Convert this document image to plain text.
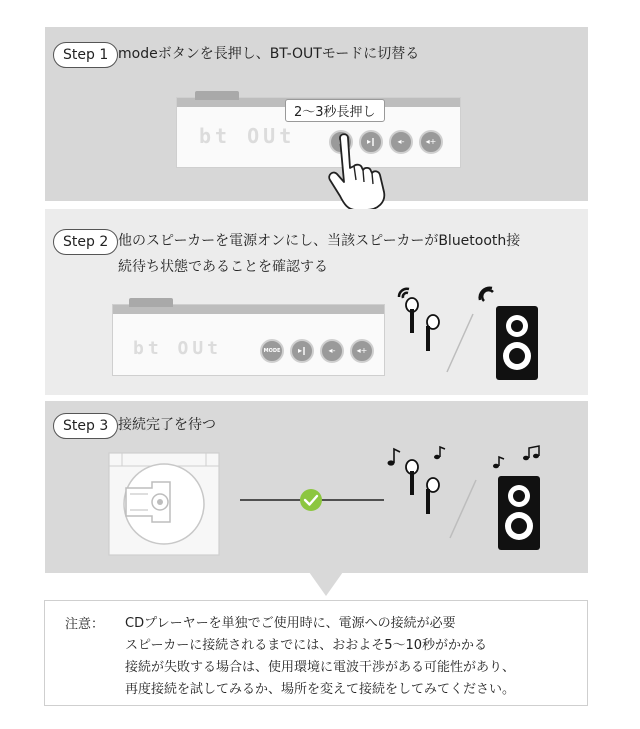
Step 1 modeボタンを長押し、BT-OUTモードに切替る
bt OUt	▸‖	◂-	◂+
2～3秒長押し
Step 2 他のスピーカーを電源オンにし、当該スピーカーがBluetooth接
続待ち状態であることを確認する
bt OUt	MODE	▸‖	◂-	◂+
Step 3 接続完了を待つ
注意： CDプレーヤーを単独でご使用時に、電源への接続が必要
スピーカーに接続されるまでには、おおよそ5～10秒がかかる
接続が失敗する場合は、使用環境に電波干渉がある可能性があり、
再度接続を試してみるか、場所を変えて接続をしてみてください。
